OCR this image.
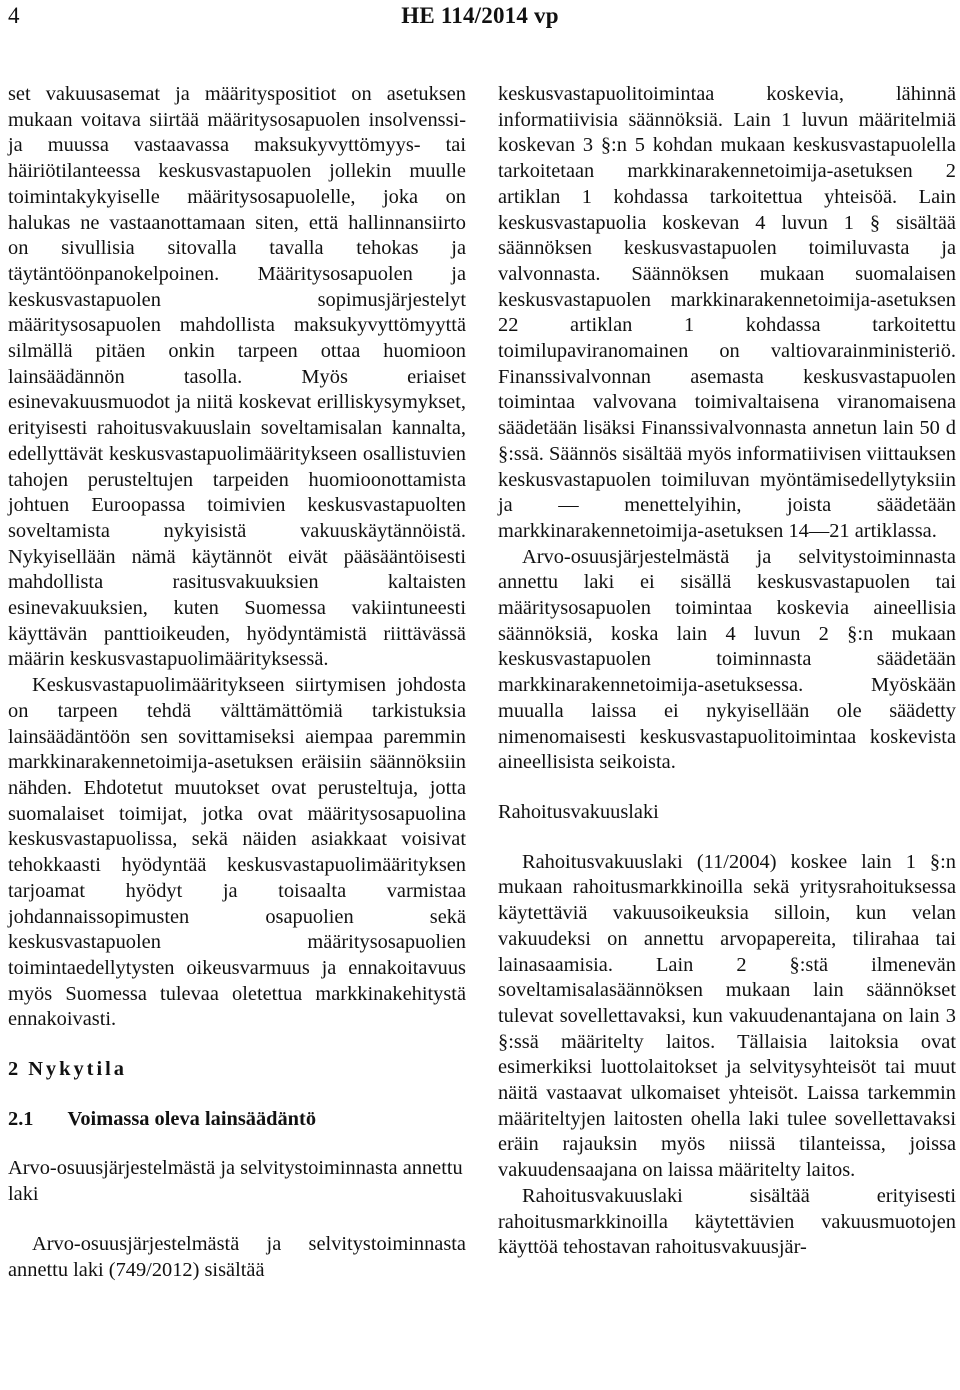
4	HE 114/2014 vp

set vakuusasemat ja määrityspositiot on asetuksen mukaan voitava siirtää määritysosapuolen insolvenssi- ja muussa vastaavassa maksukyvyttömyys- tai häiriötilanteessa keskusvastapuolen jollekin muulle toimintakykyiselle määritysosapuolelle, joka on halukas ne vastaanottamaan siten, että hallinnansiirto on sivullisia sitovalla tavalla tehokas ja täytäntöönpanokelpoinen. Määritysosapuolen ja keskusvastapuolen sopimusjärjestelyt määritysosapuolen mahdollista maksukyvyttömyyttä silmällä pitäen onkin tarpeen ottaa huomioon lainsäädännön tasolla. Myös eriaiset esinevakuusmuodot ja niitä koskevat erilliskysymykset, erityisesti rahoitusvakuuslain soveltamisalan kannalta, edellyttävät keskusvastapuolimääritykseen osallistuvien tahojen perusteltujen tarpeiden huomioonottamista johtuen Euroopassa toimivien keskusvastapuolten soveltamista nykyisistä vakuuskäytännöistä. Nykyisellään nämä käytännöt eivät pääsääntöisesti mahdollista rasitusvakuuksien kaltaisten esinevakuuksien, kuten Suomessa vakiintuneesti käyttävän panttioikeuden, hyödyntämistä riittävässä määrin keskusvastapuolimäärityksessä.

Keskusvastapuolimääritykseen siirtymisen johdosta on tarpeen tehdä välttämättömiä tarkistuksia lainsäädäntöön sen sovittamiseksi aiempaa paremmin markkinarakennetoimija-asetuksen eräisiin säännöksiin nähden. Ehdotetut muutokset ovat perusteltuja, jotta suomalaiset toimijat, jotka ovat määritysosapuolina keskusvastapuolissa, sekä näiden asiakkaat voisivat tehokkaasti hyödyntää keskusvastapuolimäärityksen tarjoamat hyödyt ja toisaalta varmistaa johdannaissopimusten osapuolien sekä keskusvastapuolen määritysosapuolien toimintaedellytysten oikeusvarmuus ja ennakoitavuus myös Suomessa tulevaa oletettua markkinakehitystä ennakoivasti.

2 Nykytila

2.1 Voimassa oleva lainsäädäntö

Arvo-osuusjärjestelmästä ja selvitystoiminnasta annettu laki

Arvo-osuusjärjestelmästä ja selvitystoiminnasta annettu laki (749/2012) sisältää

keskusvastapuolitoimintaa koskevia, lähinnä informatiivisia säännöksiä. Lain 1 luvun määritelmiä koskevan 3 §:n 5 kohdan mukaan keskusvastapuolella tarkoitetaan markkinarakennetoimija-asetuksen 2 artiklan 1 kohdassa tarkoitettua yhteisöä. Lain keskusvastapuolia koskevan 4 luvun 1 § sisältää säännöksen keskusvastapuolen toimiluvasta ja valvonnasta. Säännöksen mukaan suomalaisen keskusvastapuolen markkinarakennetoimija-asetuksen 22 artiklan 1 kohdassa tarkoitettu toimilupaviranomainen on valtiovarainministeriö. Finanssivalvonnan asemasta keskusvastapuolen toimintaa valvovana toimivaltaisena viranomaisena säädetään lisäksi Finanssivalvonnasta annetun lain 50 d §:ssä. Säännös sisältää myös informatiivisen viittauksen keskusvastapuolen toimiluvan myöntämisedellytyksiin ja — menettelyihin, joista säädetään markkinarakennetoimija-asetuksen 14—21 artiklassa.

Arvo-osuusjärjestelmästä ja selvitystoiminnasta annettu laki ei sisällä keskusvastapuolen tai määritysosapuolen toimintaa koskevia aineellisia säännöksiä, koska lain 4 luvun 2 §:n mukaan keskusvastapuolen toiminnasta säädetään markkinarakennetoimija-asetuksessa. Myöskään muualla laissa ei nykyisellään ole säädetty nimenomaisesti keskusvastapuolitoimintaa koskevista aineellisista seikoista.

Rahoitusvakuuslaki

Rahoitusvakuuslaki (11/2004) koskee lain 1 §:n mukaan rahoitusmarkkinoilla sekä yritysrahoituksessa käytettäviä vakuusoikeuksia silloin, kun velan vakuudeksi on annettu arvopapereita, tilirahaa tai lainasaamisia. Lain 2 §:stä ilmenevän soveltamisalasäännöksen mukaan lain säännökset tulevat sovellettavaksi, kun vakuudenantajana on lain 3 §:ssä määritelty laitos. Tällaisia laitoksia ovat esimerkiksi luottolaitokset ja selvitysyhteisöt tai muut näitä vastaavat ulkomaiset yhteisöt. Laissa tarkemmin määriteltyjen laitosten ohella laki tulee sovellettavaksi eräin rajauksin myös niissä tilanteissa, joissa vakuudensaajana on laissa määritelty laitos.

Rahoitusvakuuslaki sisältää erityisesti rahoitusmarkkinoilla käytettävien vakuusmuotojen käyttöä tehostavan rahoitusvakuusjär-
